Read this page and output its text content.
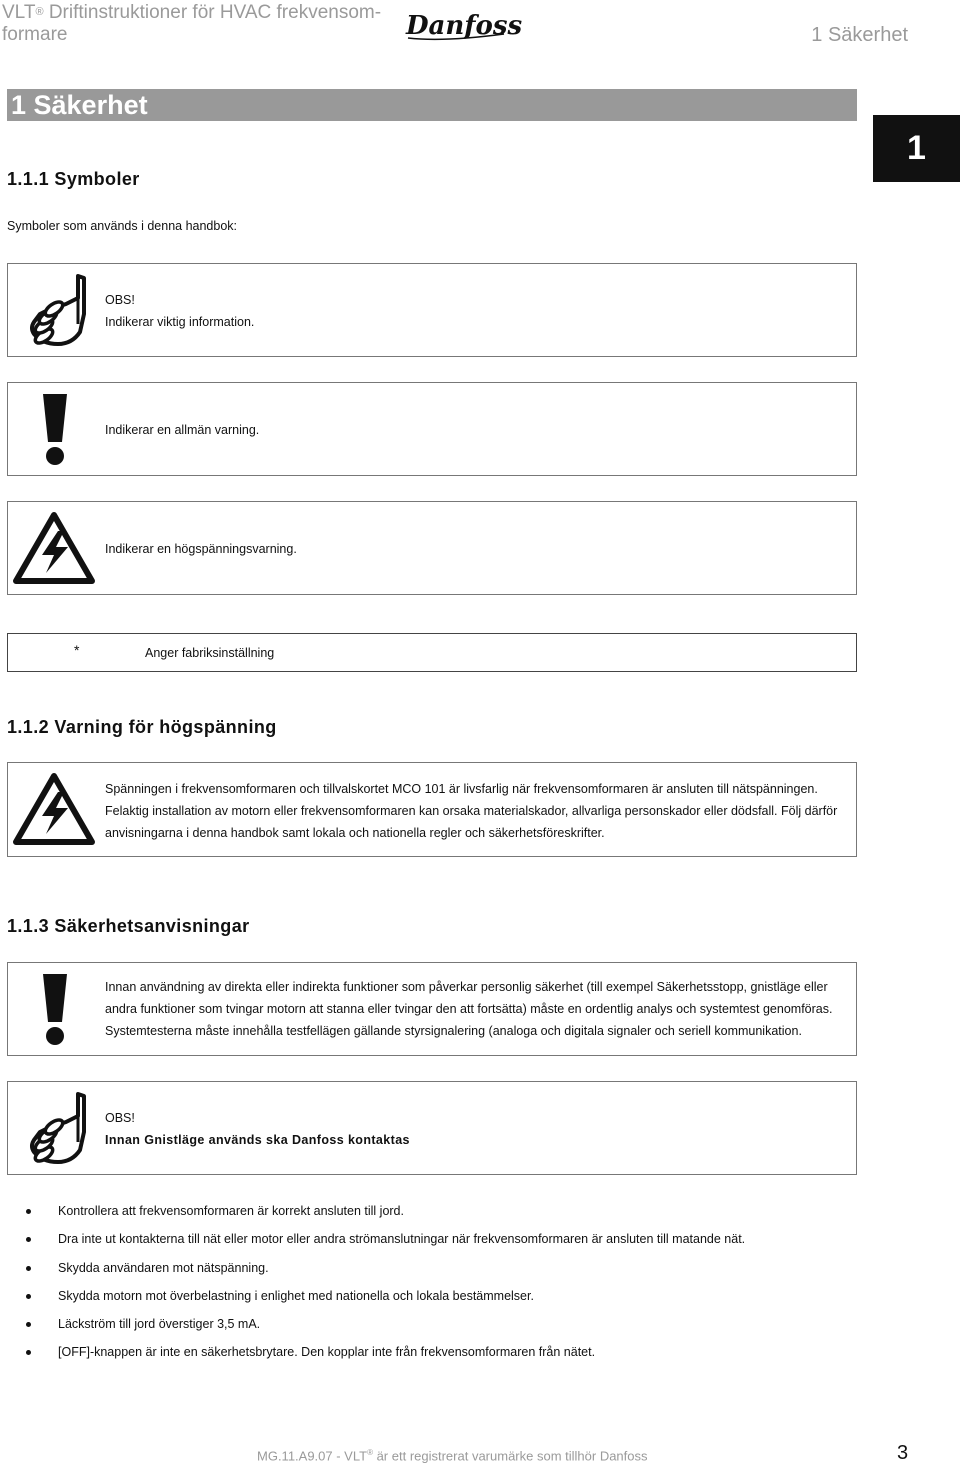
VLT® Driftinstruktioner för HVAC frekvensom-
formare	Danfoss	1 Säkerhet
1 Säkerhet
1
1.1.1 Symboler
Symboler som används i denna handbok:
OBS!
Indikerar viktig information.
Indikerar en allmän varning.
Indikerar en högspänningsvarning.
*	Anger fabriksinställning
1.1.2 Varning för högspänning
Spänningen i frekvensomformaren och tillvalskortet MCO 101 är livsfarlig när frekvensomformaren är ansluten till nätspänningen.
Felaktig installation av motorn eller frekvensomformaren kan orsaka materialskador, allvarliga personskador eller dödsfall. Följ därför
anvisningarna i denna handbok samt lokala och nationella regler och säkerhetsföreskrifter.
1.1.3 Säkerhetsanvisningar
Innan användning av direkta eller indirekta funktioner som påverkar personlig säkerhet (till exempel Säkerhetsstopp, gnistläge eller
andra funktioner som tvingar motorn att stanna eller tvingar den att fortsätta) måste en ordentlig analys och systemtest genomföras.
Systemtesterna måste innehålla testfellägen gällande styrsignalering (analoga och digitala signaler och seriell kommunikation.
OBS!
Innan Gnistläge används ska Danfoss kontaktas
Kontrollera att frekvensomformaren är korrekt ansluten till jord.
Dra inte ut kontakterna till nät eller motor eller andra strömanslutningar när frekvensomformaren är ansluten till matande nät.
Skydda användaren mot nätspänning.
Skydda motorn mot överbelastning i enlighet med nationella och lokala bestämmelser.
Läckström till jord överstiger 3,5 mA.
[OFF]-knappen är inte en säkerhetsbrytare. Den kopplar inte från frekvensomformaren från nätet.
MG.11.A9.07 - VLT® är ett registrerat varumärke som tillhör Danfoss	3
